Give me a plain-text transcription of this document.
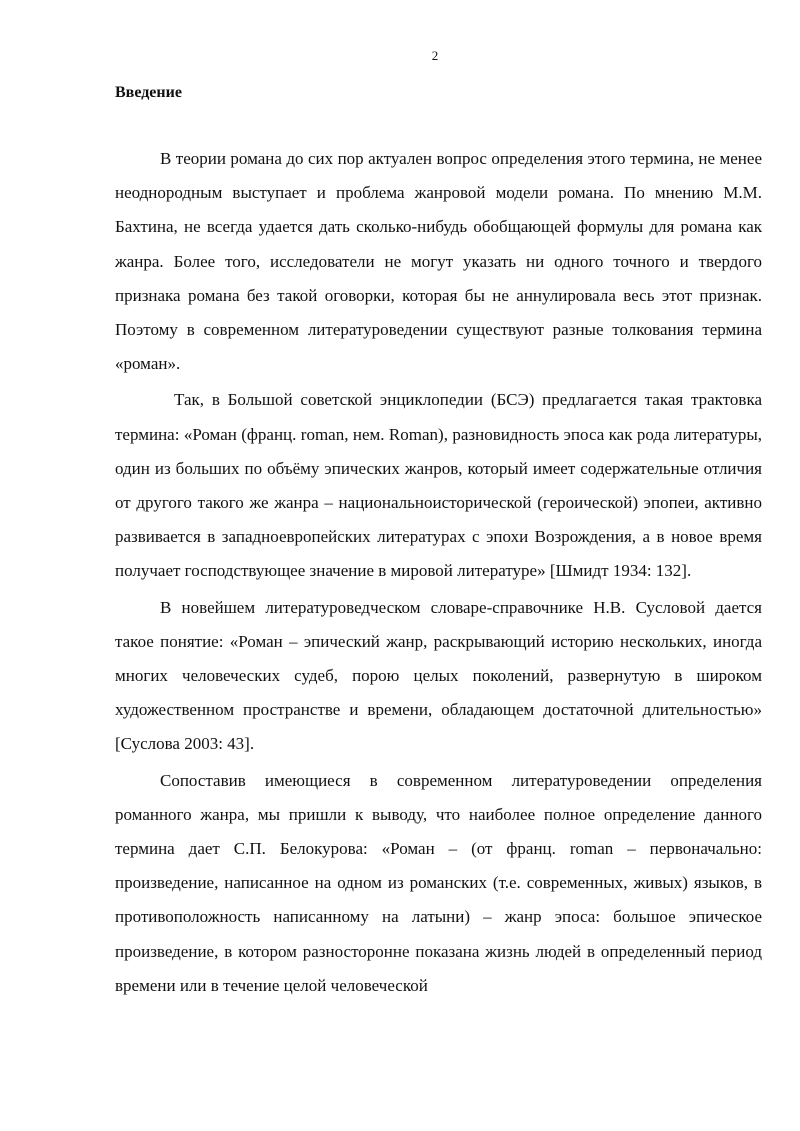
2
Введение

В теории романа до сих пор актуален вопрос определения этого термина, не менее неоднородным выступает и проблема жанровой модели романа. По мнению М.М. Бахтина, не всегда удается дать сколько-нибудь обобщающей формулы для романа как жанра. Более того, исследователи не могут указать ни одного точного и твердого признака романа без такой оговорки, которая бы не аннулировала весь этот признак. Поэтому в современном литературоведении существуют разные толкования термина «роман».

Так, в Большой советской энциклопедии (БСЭ) предлагается такая трактовка термина: «Роман (франц. roman, нем. Roman), разновидность эпоса как рода литературы, один из больших по объёму эпических жанров, который имеет содержательные отличия от другого такого же жанра – национальноисторической (героической) эпопеи, активно развивается в западноевропейских литературах с эпохи Возрождения, а в новое время получает господствующее значение в мировой литературе» [Шмидт 1934: 132].

В новейшем литературоведческом словаре-справочнике Н.В. Сусловой дается такое понятие: «Роман – эпический жанр, раскрывающий историю нескольких, иногда многих человеческих судеб, порою целых поколений, развернутую в широком художественном пространстве и времени, обладающем достаточной длительностью» [Суслова 2003: 43].

Сопоставив имеющиеся в современном литературоведении определения романного жанра, мы пришли к выводу, что наиболее полное определение данного термина дает С.П. Белокурова: «Роман – (от франц. roman – первоначально: произведение, написанное на одном из романских (т.е. современных, живых) языков, в противоположность написанному на латыни) – жанр эпоса: большое эпическое произведение, в котором разносторонне показана жизнь людей в определенный период времени или в течение целой человеческой
